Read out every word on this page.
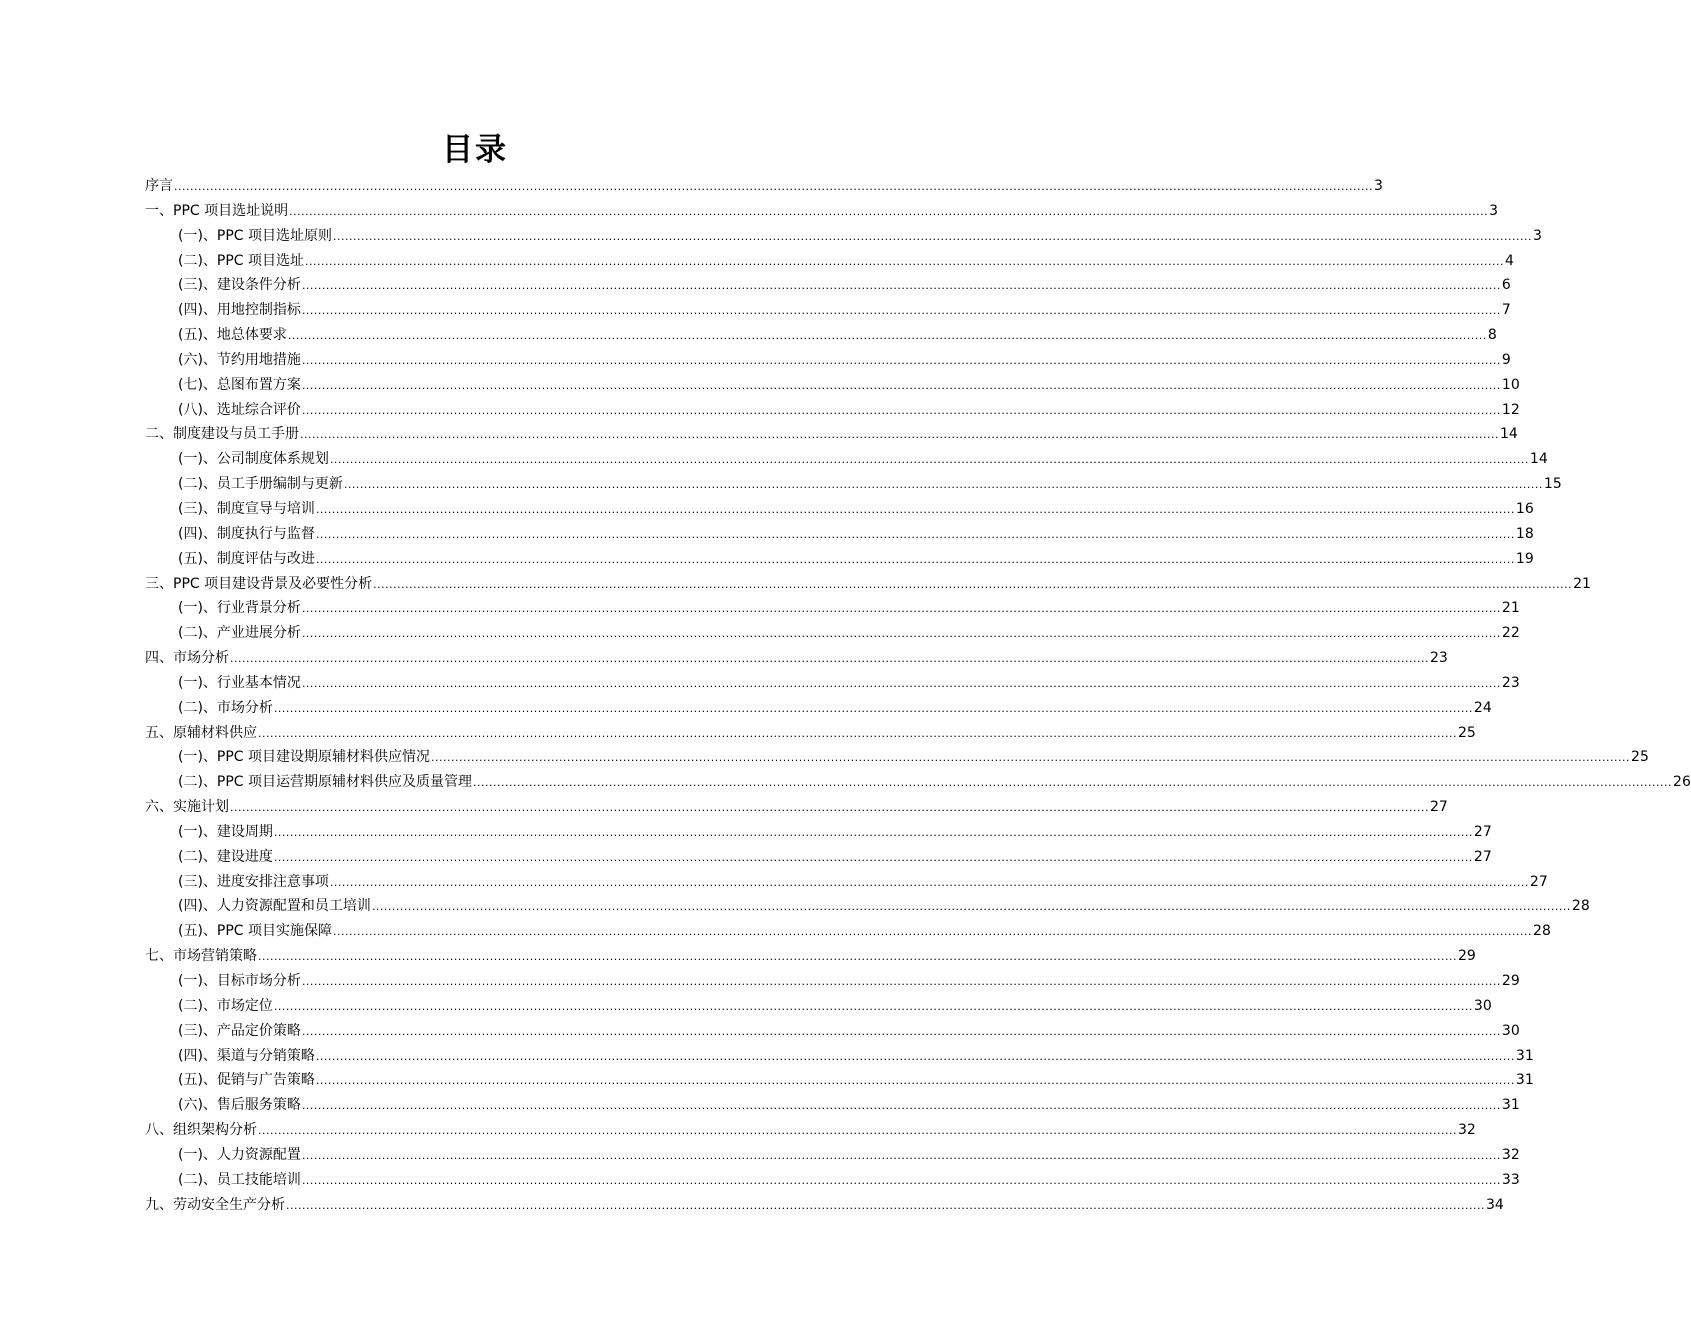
目录
序言 ............................................................................................................................................................................................................................................................................................................ 3
一、PPC 项目选址说明 ............................................................................................................................................................................................................................................................................................................ 3
(一)、PPC 项目选址原则 ............................................................................................................................................................................................................................................................................................................ 3
(二)、PPC 项目选址 ............................................................................................................................................................................................................................................................................................................ 4
(三)、建设条件分析 ............................................................................................................................................................................................................................................................................................................ 6
(四)、用地控制指标 ............................................................................................................................................................................................................................................................................................................ 7
(五)、地总体要求 ............................................................................................................................................................................................................................................................................................................ 8
(六)、节约用地措施 ............................................................................................................................................................................................................................................................................................................ 9
(七)、总图布置方案 ............................................................................................................................................................................................................................................................................................................ 10
(八)、选址综合评价 ............................................................................................................................................................................................................................................................................................................ 12
二、制度建设与员工手册 ............................................................................................................................................................................................................................................................................................................ 14
(一)、公司制度体系规划 ............................................................................................................................................................................................................................................................................................................ 14
(二)、员工手册编制与更新 ............................................................................................................................................................................................................................................................................................................ 15
(三)、制度宣导与培训 ............................................................................................................................................................................................................................................................................................................ 16
(四)、制度执行与监督 ............................................................................................................................................................................................................................................................................................................ 18
(五)、制度评估与改进 ............................................................................................................................................................................................................................................................................................................ 19
三、PPC 项目建设背景及必要性分析 ............................................................................................................................................................................................................................................................................................................ 21
(一)、行业背景分析 ............................................................................................................................................................................................................................................................................................................ 21
(二)、产业进展分析 ............................................................................................................................................................................................................................................................................................................ 22
四、市场分析 ............................................................................................................................................................................................................................................................................................................ 23
(一)、行业基本情况 ............................................................................................................................................................................................................................................................................................................ 23
(二)、市场分析 ............................................................................................................................................................................................................................................................................................................ 24
五、原辅材料供应 ............................................................................................................................................................................................................................................................................................................ 25
(一)、PPC 项目建设期原辅材料供应情况 ............................................................................................................................................................................................................................................................................................................ 25
(二)、PPC 项目运营期原辅材料供应及质量管理 ............................................................................................................................................................................................................................................................................................................ 26
六、实施计划 ............................................................................................................................................................................................................................................................................................................ 27
(一)、建设周期 ............................................................................................................................................................................................................................................................................................................ 27
(二)、建设进度 ............................................................................................................................................................................................................................................................................................................ 27
(三)、进度安排注意事项 ............................................................................................................................................................................................................................................................................................................ 27
(四)、人力资源配置和员工培训 ............................................................................................................................................................................................................................................................................................................ 28
(五)、PPC 项目实施保障 ............................................................................................................................................................................................................................................................................................................ 28
七、市场营销策略 ............................................................................................................................................................................................................................................................................................................ 29
(一)、目标市场分析 ............................................................................................................................................................................................................................................................................................................ 29
(二)、市场定位 ............................................................................................................................................................................................................................................................................................................ 30
(三)、产品定价策略 ............................................................................................................................................................................................................................................................................................................ 30
(四)、渠道与分销策略 ............................................................................................................................................................................................................................................................................................................ 31
(五)、促销与广告策略 ............................................................................................................................................................................................................................................................................................................ 31
(六)、售后服务策略 ............................................................................................................................................................................................................................................................................................................ 31
八、组织架构分析 ............................................................................................................................................................................................................................................................................................................ 32
(一)、人力资源配置 ............................................................................................................................................................................................................................................................................................................ 32
(二)、员工技能培训 ............................................................................................................................................................................................................................................................................................................ 33
九、劳动安全生产分析 ............................................................................................................................................................................................................................................................................................................ 34
